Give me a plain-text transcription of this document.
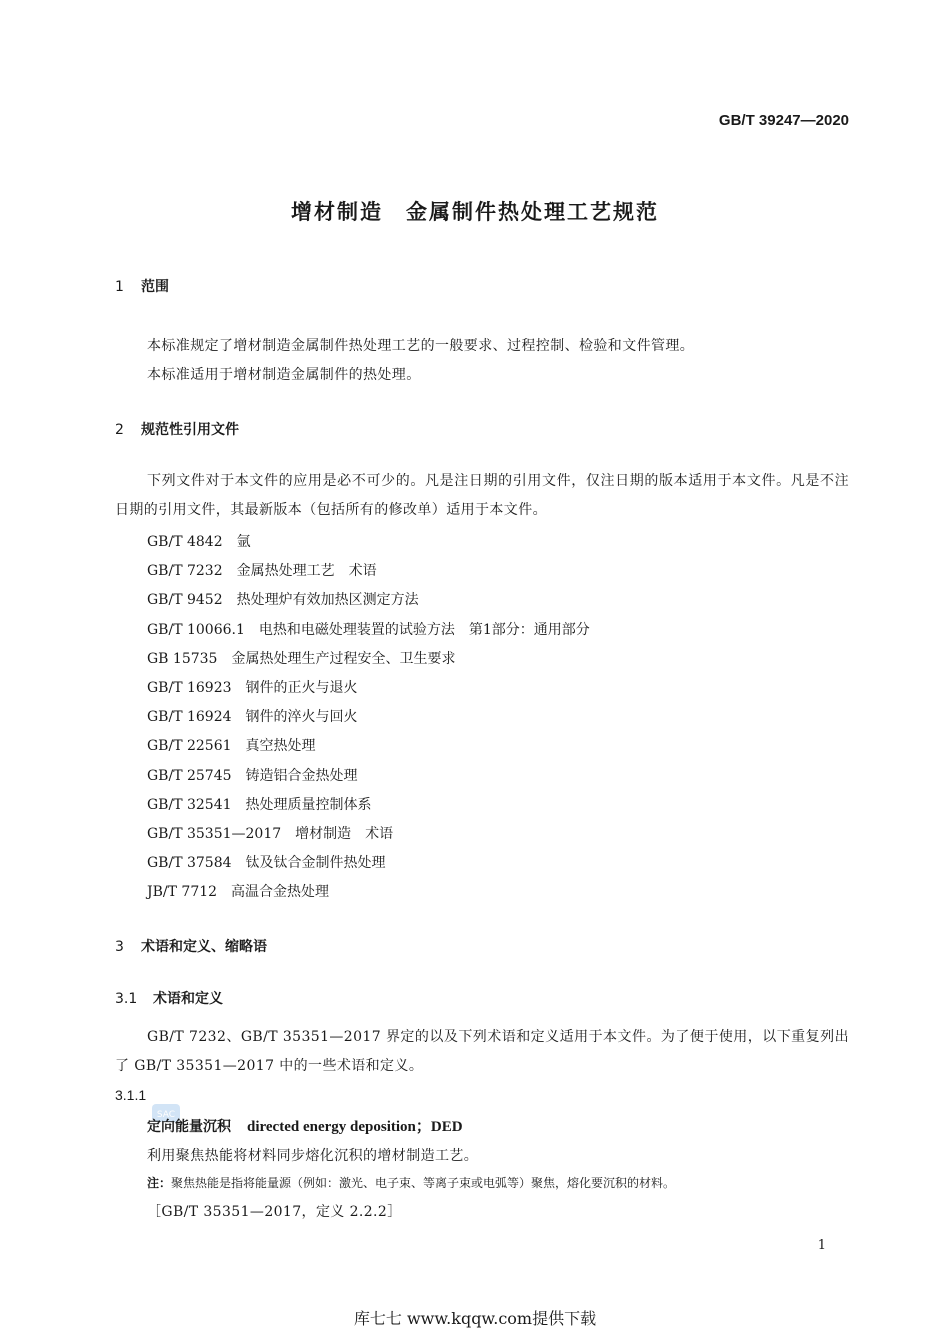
GB/T 39247—2020
增材制造　金属制件热处理工艺规范
1 范围
本标准规定了增材制造金属制件热处理工艺的一般要求、过程控制、检验和文件管理。
本标准适用于增材制造金属制件的热处理。
2 规范性引用文件
下列文件对于本文件的应用是必不可少的。凡是注日期的引用文件，仅注日期的版本适用于本文件。凡是不注日期的引用文件，其最新版本（包括所有的修改单）适用于本文件。
GB/T 4842 氩
GB/T 7232 金属热处理工艺　术语
GB/T 9452 热处理炉有效加热区测定方法
GB/T 10066.1 电热和电磁处理装置的试验方法　第1部分：通用部分
GB 15735 金属热处理生产过程安全、卫生要求
GB/T 16923 钢件的正火与退火
GB/T 16924 钢件的淬火与回火
GB/T 22561 真空热处理
GB/T 25745 铸造铝合金热处理
GB/T 32541 热处理质量控制体系
GB/T 35351—2017 增材制造　术语
GB/T 37584 钛及钛合金制件热处理
JB/T 7712 高温合金热处理
3 术语和定义、缩略语
3.1 术语和定义
GB/T 7232、GB/T 35351—2017 界定的以及下列术语和定义适用于本文件。为了便于使用，以下重复列出了 GB/T 35351—2017 中的一些术语和定义。
3.1.1
SAC
定向能量沉积 directed energy deposition；DED
利用聚焦热能将材料同步熔化沉积的增材制造工艺。
注：聚焦热能是指将能量源（例如：激光、电子束、等离子束或电弧等）聚焦，熔化要沉积的材料。
［GB/T 35351—2017，定义 2.2.2］
1
库七七 www.kqqw.com提供下载
